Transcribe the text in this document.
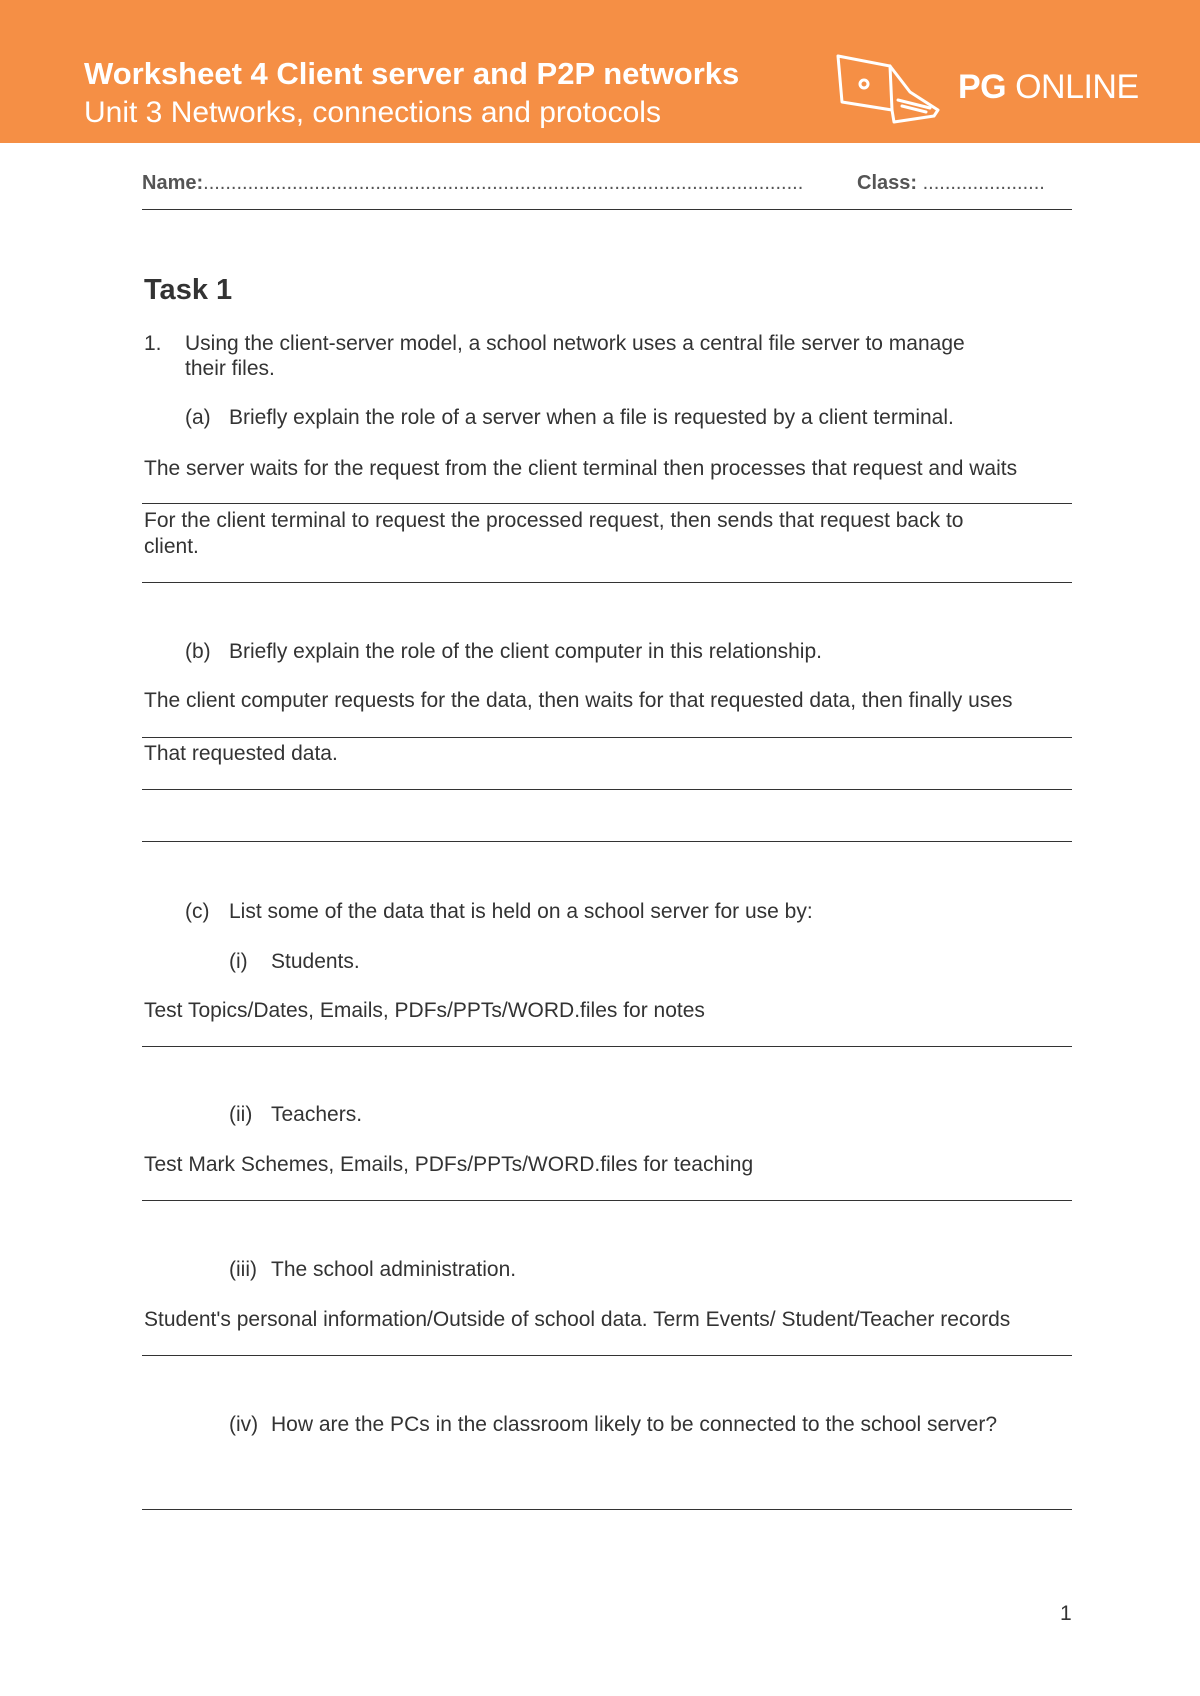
Worksheet 4 Client server and P2P networks
Unit 3 Networks, connections and protocols
PG ONLINE
Name:............................................................................................................	Class: ......................
Task 1
1. Using the client-server model, a school network uses a central file server to manage

their files.

(a) Briefly explain the role of a server when a file is requested by a client terminal.

The server waits for the request from the client terminal then processes that request and waits

For the client terminal to request the processed request, then sends that request back to

client.

(b) Briefly explain the role of the client computer in this relationship.

The client computer requests for the data, then waits for that requested data, then finally uses

That requested data.

(c) List some of the data that is held on a school server for use by:

(i) Students.

Test Topics/Dates, Emails, PDFs/PPTs/WORD.files for notes

(ii) Teachers.

Test Mark Schemes, Emails, PDFs/PPTs/WORD.files for teaching

(iii) The school administration.

Student's personal information/Outside of school data. Term Events/ Student/Teacher records

(iv) How are the PCs in the classroom likely to be connected to the school server?

1
